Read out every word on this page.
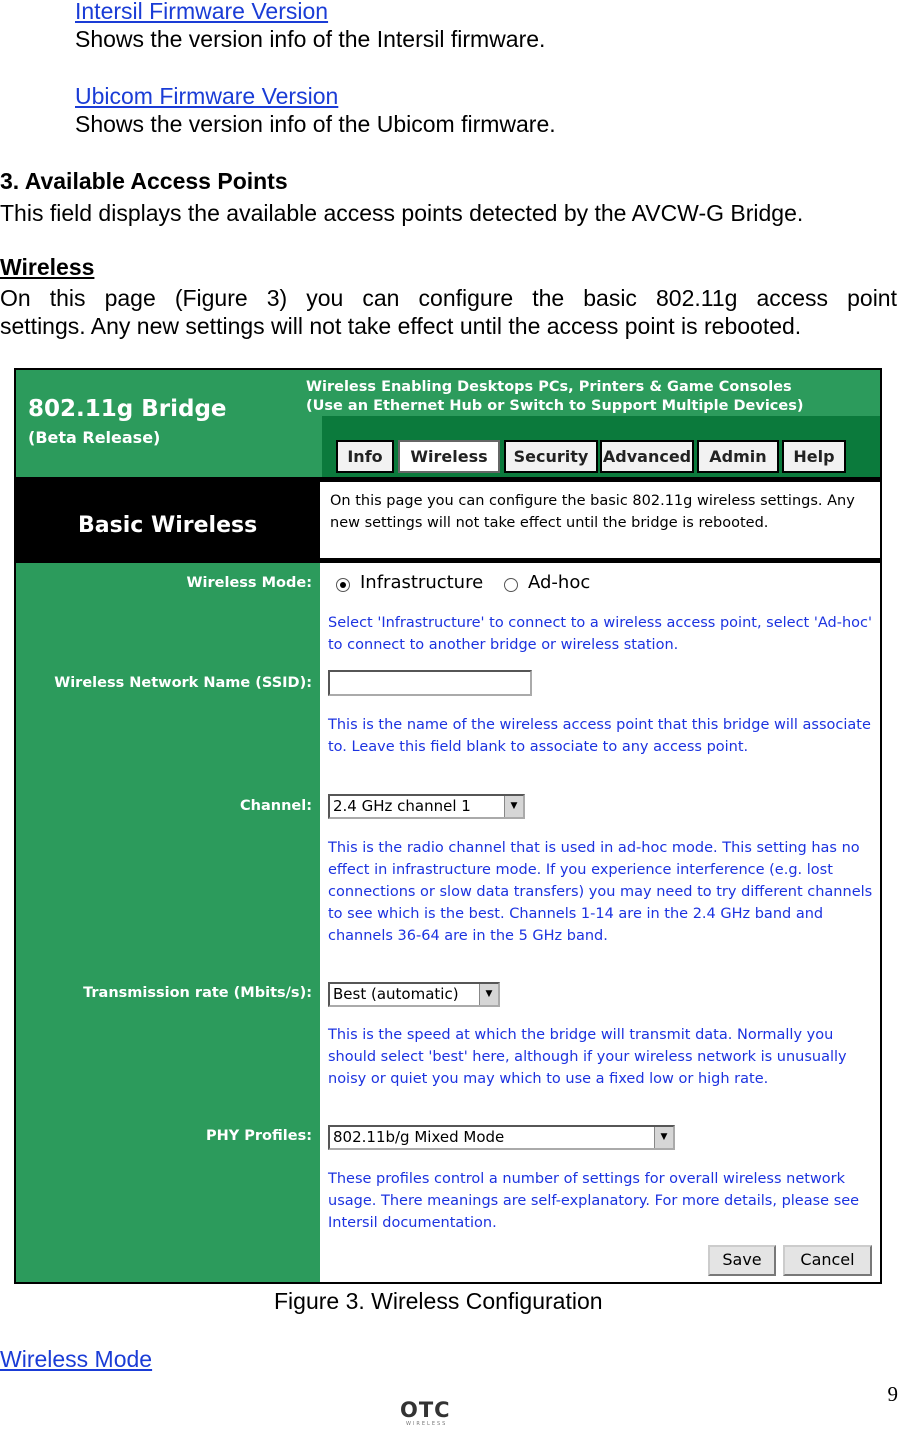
Intersil Firmware Version
Shows the version info of the Intersil firmware.
Ubicom Firmware Version
Shows the version info of the Ubicom firmware.
3. Available Access Points
This field displays the available access points detected by the AVCW-G Bridge.
Wireless
On this page (Figure 3) you can configure the basic 802.11g access point
settings. Any new settings will not take effect until the access point is rebooted.
802.11g Bridge
(Beta Release)
Wireless Enabling Desktops PCs, Printers & Game Consoles
(Use an Ethernet Hub or Switch to Support Multiple Devices)
Info	Wireless	Security Advanced	Admin	Help
Basic Wireless
On this page you can configure the basic 802.11g wireless settings. Any new settings will not take effect until the bridge is rebooted.
Wireless Mode:	Infrastructure Ad-hoc
Select 'Infrastructure' to connect to a wireless access point, select 'Ad-hoc' to connect to another bridge or wireless station.
Wireless Network Name (SSID):
This is the name of the wireless access point that this bridge will associate to. Leave this field blank to associate to any access point.
Channel:	2.4 GHz channel 1	▼
This is the radio channel that is used in ad-hoc mode. This setting has no effect in infrastructure mode. If you experience interference (e.g. lost connections or slow data transfers) you may need to try different channels to see which is the best. Channels 1-14 are in the 2.4 GHz band and channels 36-64 are in the 5 GHz band.
Transmission rate (Mbits/s):	Best (automatic)	▼
This is the speed at which the bridge will transmit data. Normally you should select 'best' here, although if your wireless network is unusually noisy or quiet you may which to use a fixed low or high rate.
PHY Profiles:	802.11b/g Mixed Mode	▼
These profiles control a number of settings for overall wireless network usage. There meanings are self-explanatory. For more details, please see Intersil documentation.
Save	Cancel
Figure 3. Wireless Configuration
Wireless Mode
9
OTC
WIRELESS
